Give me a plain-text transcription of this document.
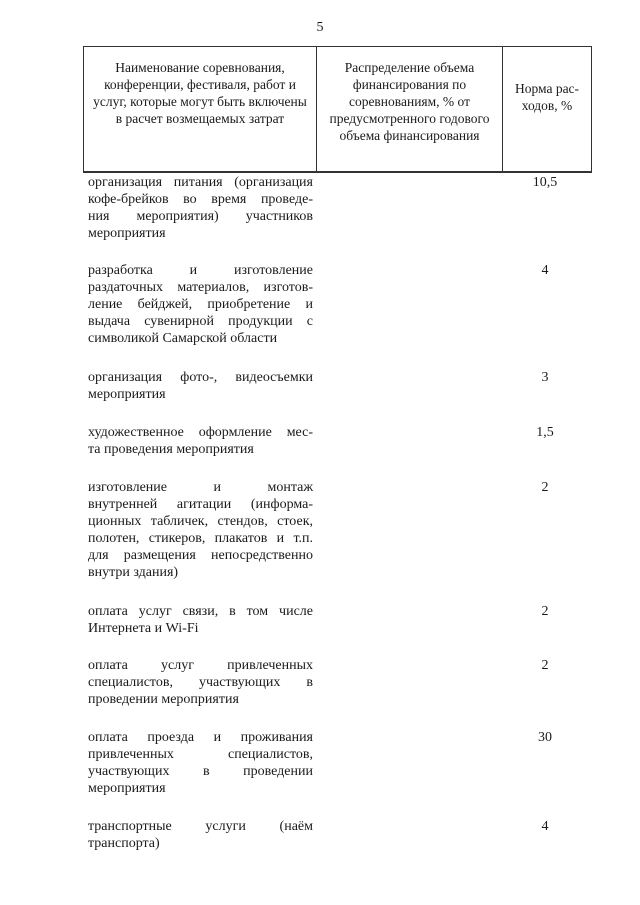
5
Наименование соревнования, конференции, фестиваля, работ и услуг, которые могут быть включены в расчет возмещаемых затрат
Распределение объема финансирования по соревнованиям, % от предусмотренного годового объема финансирования
Норма рас-ходов, %
организация питания (организация
кофе-брейков во время проведе-
ния мероприятия) участников
мероприятия
10,5
разработка и изготовление
раздаточных материалов, изготов-
ление бейджей, приобретение и
выдача сувенирной продукции с
символикой Самарской области
4
организация фото-, видеосъемки
мероприятия
3
художественное оформление мес-
та проведения мероприятия
1,5
изготовление и монтаж
внутренней агитации (информа-
ционных табличек, стендов, стоек,
полотен, стикеров, плакатов и т.п.
для размещения непосредственно
внутри здания)
2
оплата услуг связи, в том числе
Интернета и Wi-Fi
2
оплата услуг привлеченных
специалистов, участвующих в
проведении мероприятия
2
оплата проезда и проживания
привлеченных специалистов,
участвующих в проведении
мероприятия
30
транспортные услуги (наём
транспорта)
4
